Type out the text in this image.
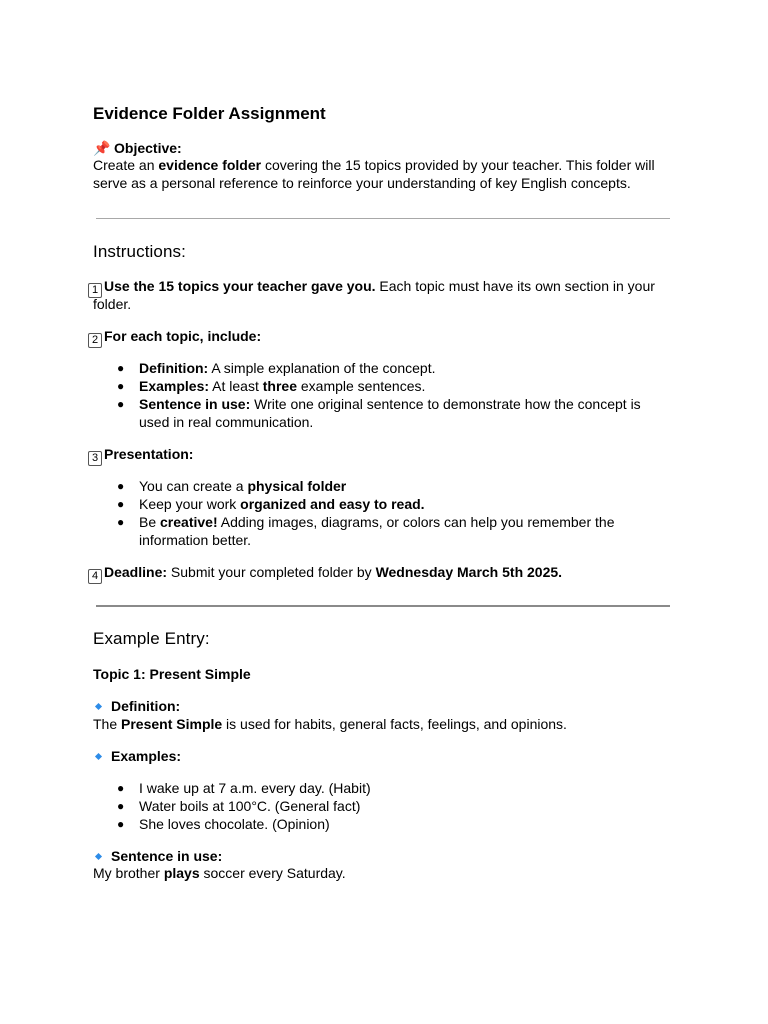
Evidence Folder Assignment
📌 Objective:
Create an evidence folder covering the 15 topics provided by your teacher. This folder will
serve as a personal reference to reinforce your understanding of key English concepts.
Instructions:
1 Use the 15 topics your teacher gave you. Each topic must have its own section in your
folder.
2 For each topic, include:
● Definition: A simple explanation of the concept.
● Examples: At least three example sentences.
● Sentence in use: Write one original sentence to demonstrate how the concept is
used in real communication.
3 Presentation:
● You can create a physical folder
● Keep your work organized and easy to read.
● Be creative! Adding images, diagrams, or colors can help you remember the
information better.
4 Deadline: Submit your completed folder by Wednesday March 5th 2025.
Example Entry:
Topic 1: Present Simple
Definition:
The Present Simple is used for habits, general facts, feelings, and opinions.
Examples:
● I wake up at 7 a.m. every day. (Habit)
● Water boils at 100°C. (General fact)
● She loves chocolate. (Opinion)
Sentence in use:
My brother plays soccer every Saturday.
